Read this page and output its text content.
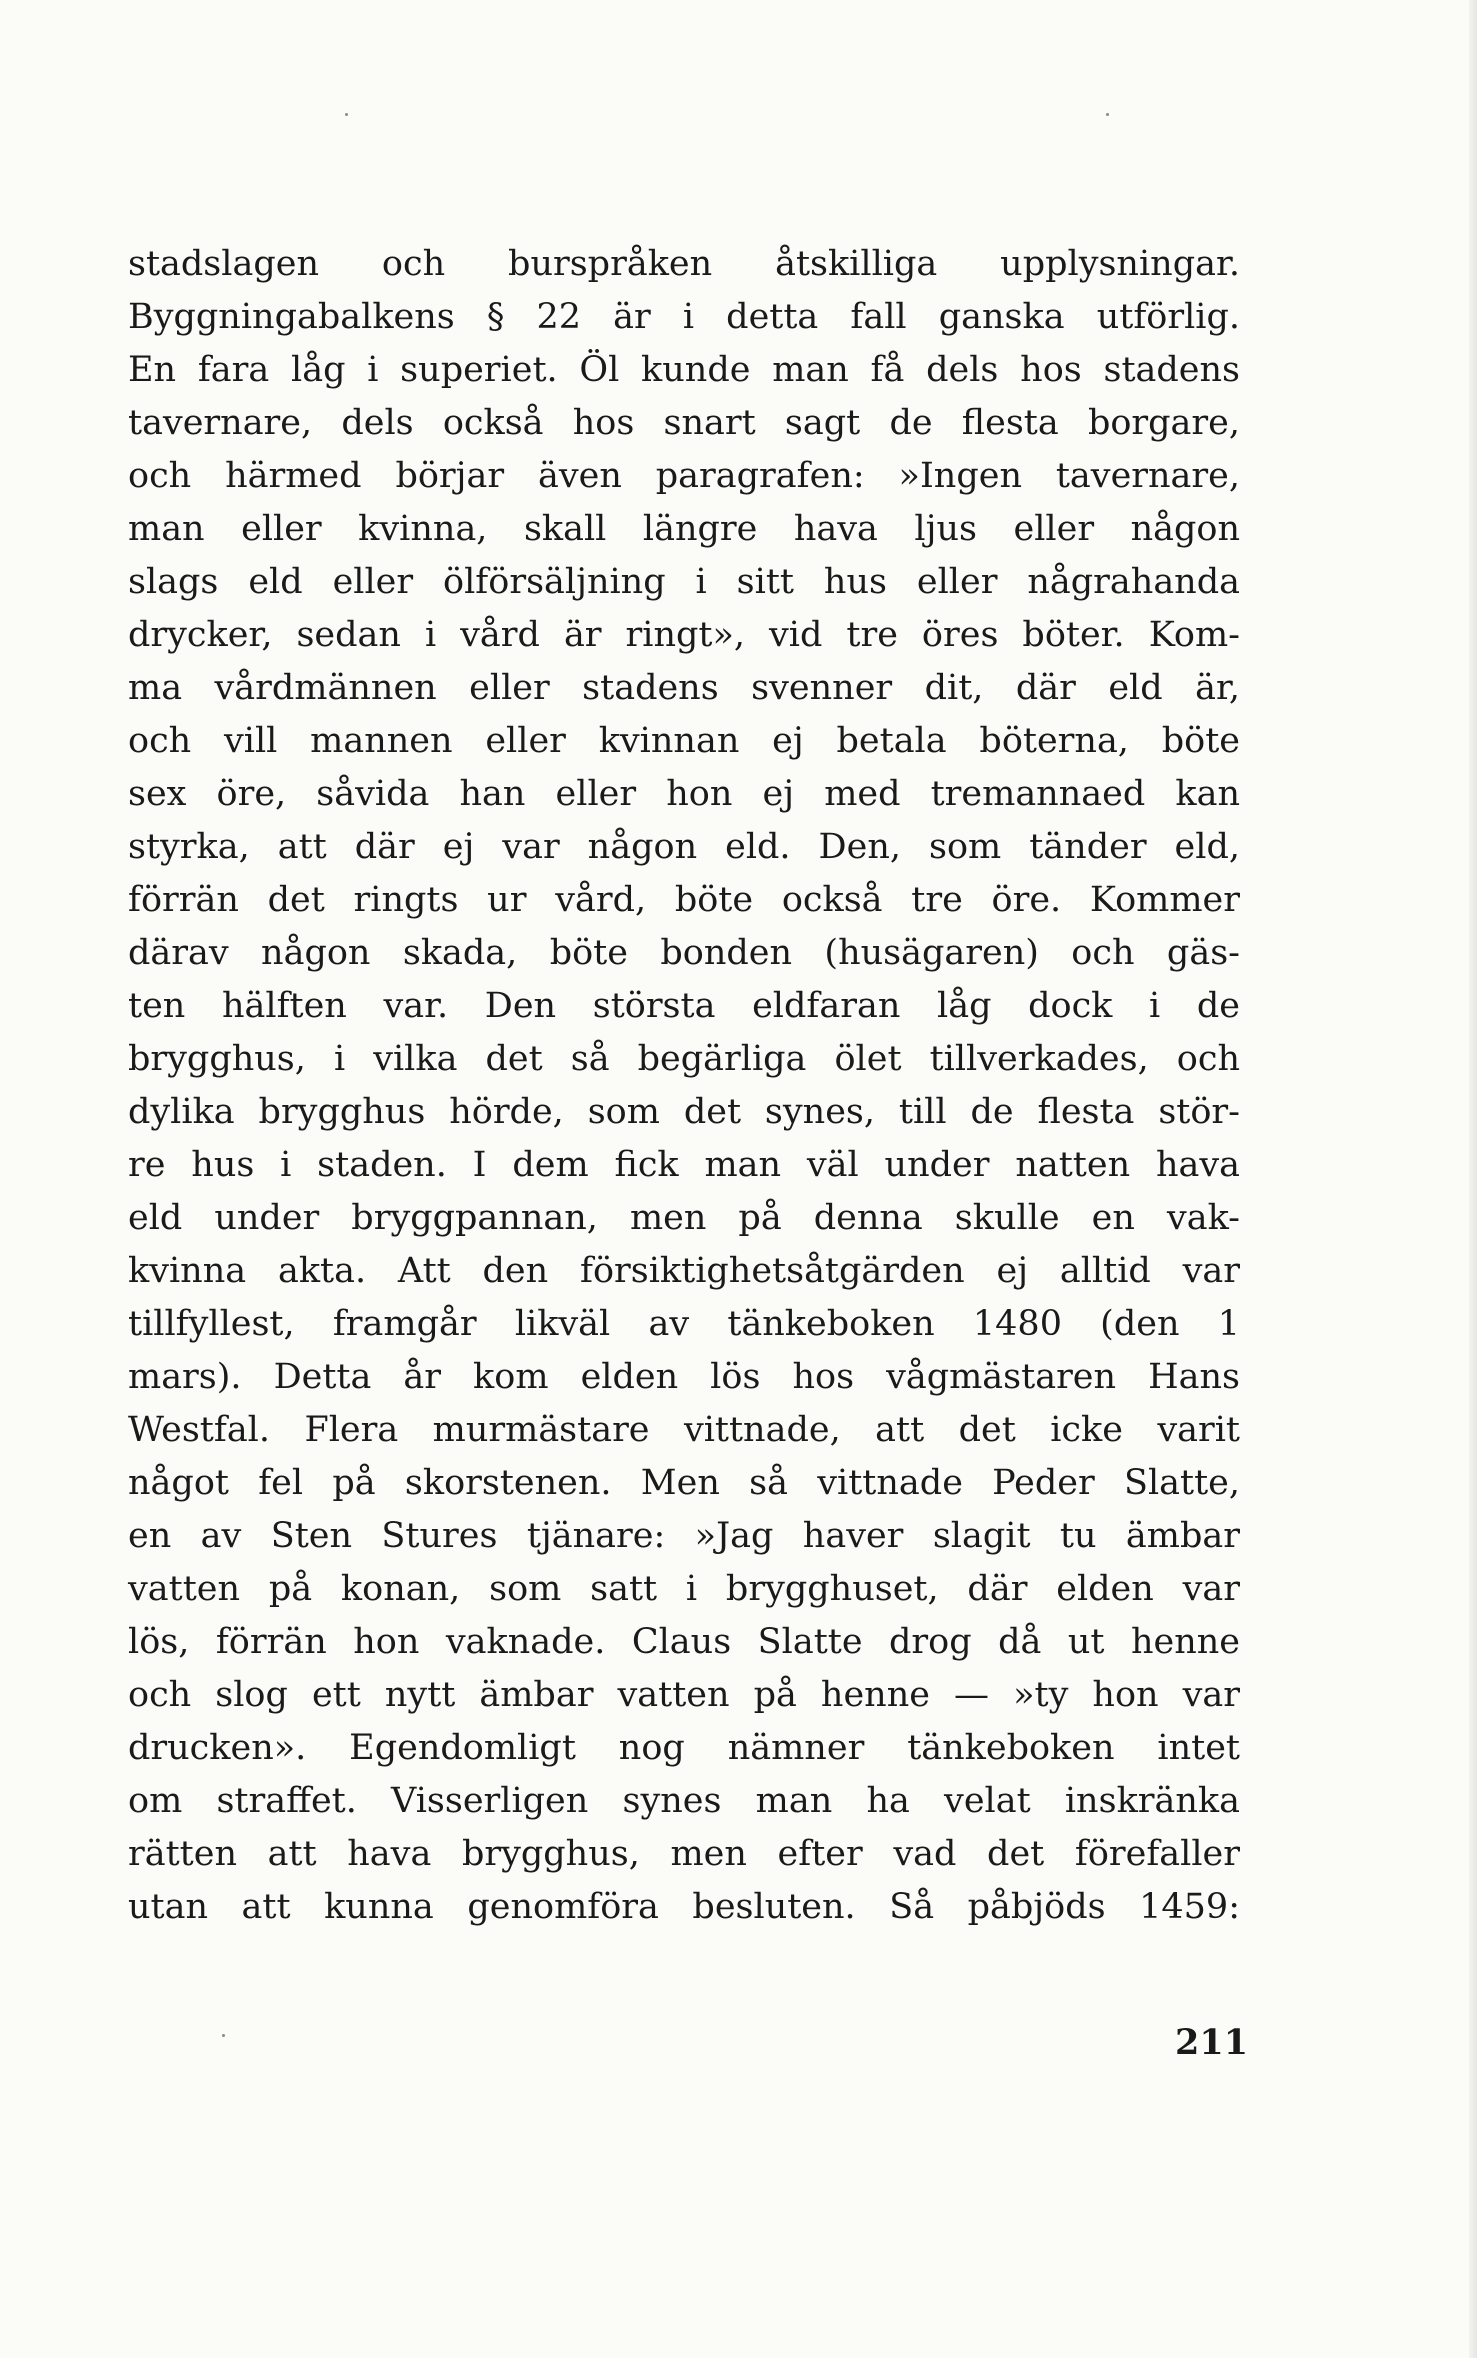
stadslagen och burspråken åtskilliga upplysningar.
Byggningabalkens § 22 är i detta fall ganska utförlig.
En fara låg i superiet. Öl kunde man få dels hos stadens
tavernare, dels också hos snart sagt de flesta borgare,
och härmed börjar även paragrafen: »Ingen tavernare,
man eller kvinna, skall längre hava ljus eller någon
slags eld eller ölförsäljning i sitt hus eller någrahanda
drycker, sedan i vård är ringt», vid tre öres böter. Kom-
ma vårdmännen eller stadens svenner dit, där eld är,
och vill mannen eller kvinnan ej betala böterna, böte
sex öre, såvida han eller hon ej med tremannaed kan
styrka, att där ej var någon eld. Den, som tänder eld,
förrän det ringts ur vård, böte också tre öre. Kommer
därav någon skada, böte bonden (husägaren) och gäs-
ten hälften var. Den största eldfaran låg dock i de
brygghus, i vilka det så begärliga ölet tillverkades, och
dylika brygghus hörde, som det synes, till de flesta stör-
re hus i staden. I dem fick man väl under natten hava
eld under bryggpannan, men på denna skulle en vak-
kvinna akta. Att den försiktighetsåtgärden ej alltid var
tillfyllest, framgår likväl av tänkeboken 1480 (den 1
mars). Detta år kom elden lös hos vågmästaren Hans
Westfal. Flera murmästare vittnade, att det icke varit
något fel på skorstenen. Men så vittnade Peder Slatte,
en av Sten Stures tjänare: »Jag haver slagit tu ämbar
vatten på konan, som satt i brygghuset, där elden var
lös, förrän hon vaknade. Claus Slatte drog då ut henne
och slog ett nytt ämbar vatten på henne — »ty hon var
drucken». Egendomligt nog nämner tänkeboken intet
om straffet. Visserligen synes man ha velat inskränka
rätten att hava brygghus, men efter vad det förefaller
utan att kunna genomföra besluten. Så påbjöds 1459:
211
